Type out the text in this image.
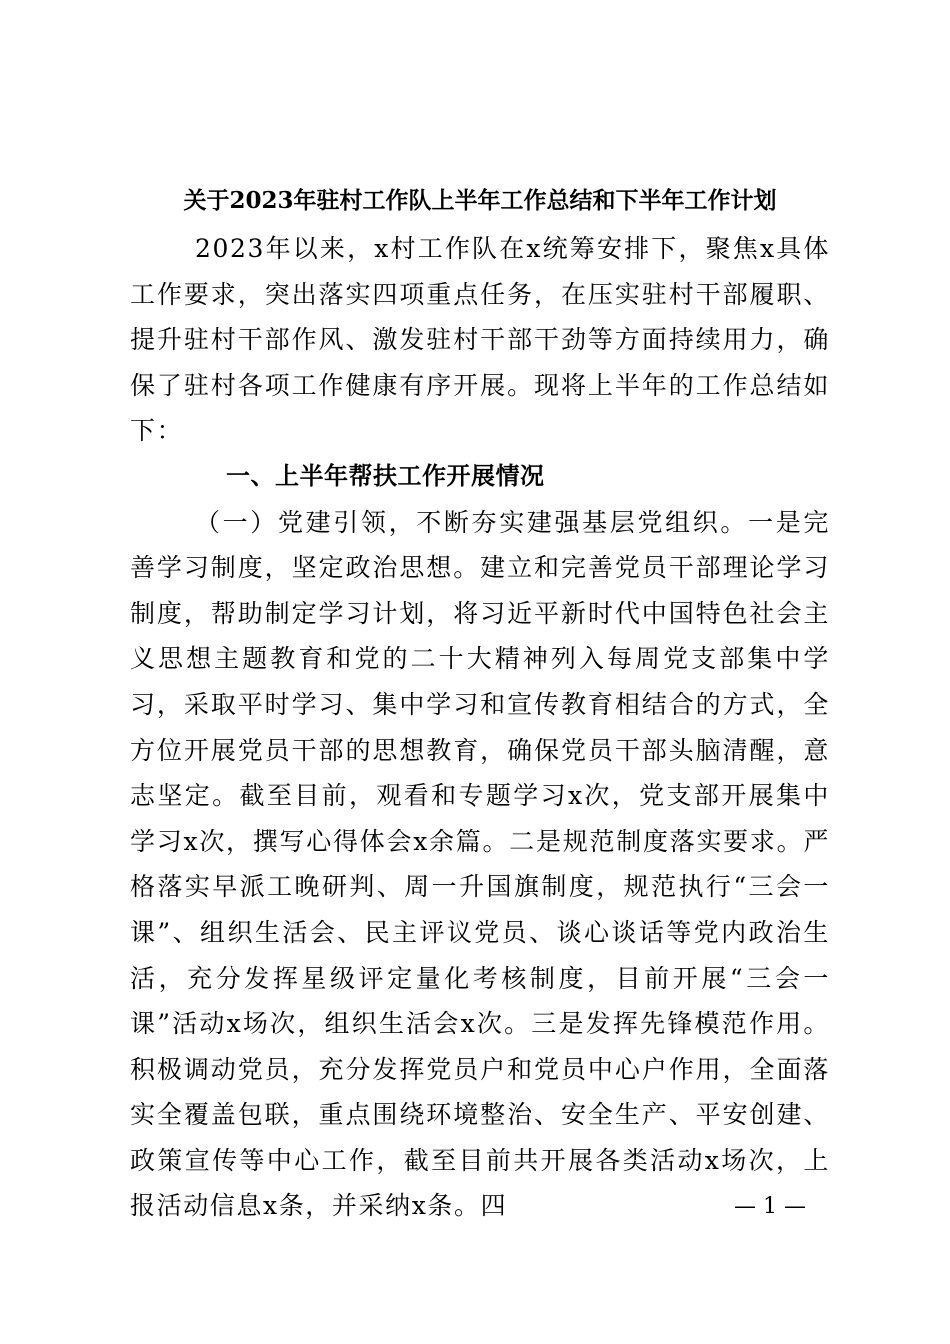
关于2023年驻村工作队上半年工作总结和下半年工作计划

2023年以来，x村工作队在x统筹安排下，聚焦x具体工作要求，突出落实四项重点任务，在压实驻村干部履职、提升驻村干部作风、激发驻村干部干劲等方面持续用力，确保了驻村各项工作健康有序开展。现将上半年的工作总结如下：

一、上半年帮扶工作开展情况

（一）党建引领，不断夯实建强基层党组织。一是完善学习制度，坚定政治思想。建立和完善党员干部理论学习制度，帮助制定学习计划，将习近平新时代中国特色社会主义思想主题教育和党的二十大精神列入每周党支部集中学习，采取平时学习、集中学习和宣传教育相结合的方式，全方位开展党员干部的思想教育，确保党员干部头脑清醒，意志坚定。截至目前，观看和专题学习x次，党支部开展集中学习x次，撰写心得体会x余篇。二是规范制度落实要求。严格落实早派工晚研判、周一升国旗制度，规范执行“三会一课”、组织生活会、民主评议党员、谈心谈话等党内政治生活，充分发挥星级评定量化考核制度，目前开展“三会一课”活动x场次，组织生活会x次。三是发挥先锋模范作用。积极调动党员，充分发挥党员户和党员中心户作用，全面落实全覆盖包联，重点围绕环境整治、安全生产、平安创建、政策宣传等中心工作，截至目前共开展各类活动x场次，上报活动信息x条，并采纳x条。四	— 1 —
